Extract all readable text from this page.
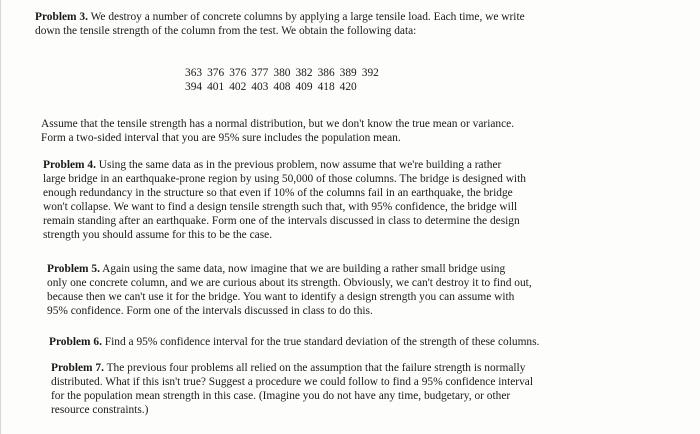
Problem 3. We destroy a number of concrete columns by applying a large tensile load. Each time, we write
down the tensile strength of the column from the test. We obtain the following data:

363	376	376	377	380	382	386	389	392
394	401	402	403	408	409	418	420	

Assume that the tensile strength has a normal distribution, but we don't know the true mean or variance.
Form a two-sided interval that you are 95% sure includes the population mean.

Problem 4. Using the same data as in the previous problem, now assume that we're building a rather
large bridge in an earthquake-prone region by using 50,000 of those columns. The bridge is designed with
enough redundancy in the structure so that even if 10% of the columns fail in an earthquake, the bridge
won't collapse. We want to find a design tensile strength such that, with 95% confidence, the bridge will
remain standing after an earthquake. Form one of the intervals discussed in class to determine the design
strength you should assume for this to be the case.

Problem 5. Again using the same data, now imagine that we are building a rather small bridge using
only one concrete column, and we are curious about its strength. Obviously, we can't destroy it to find out,
because then we can't use it for the bridge. You want to identify a design strength you can assume with
95% confidence. Form one of the intervals discussed in class to do this.

Problem 6. Find a 95% confidence interval for the true standard deviation of the strength of these columns.

Problem 7. The previous four problems all relied on the assumption that the failure strength is normally
distributed. What if this isn't true? Suggest a procedure we could follow to find a 95% confidence interval
for the population mean strength in this case. (Imagine you do not have any time, budgetary, or other
resource constraints.)
